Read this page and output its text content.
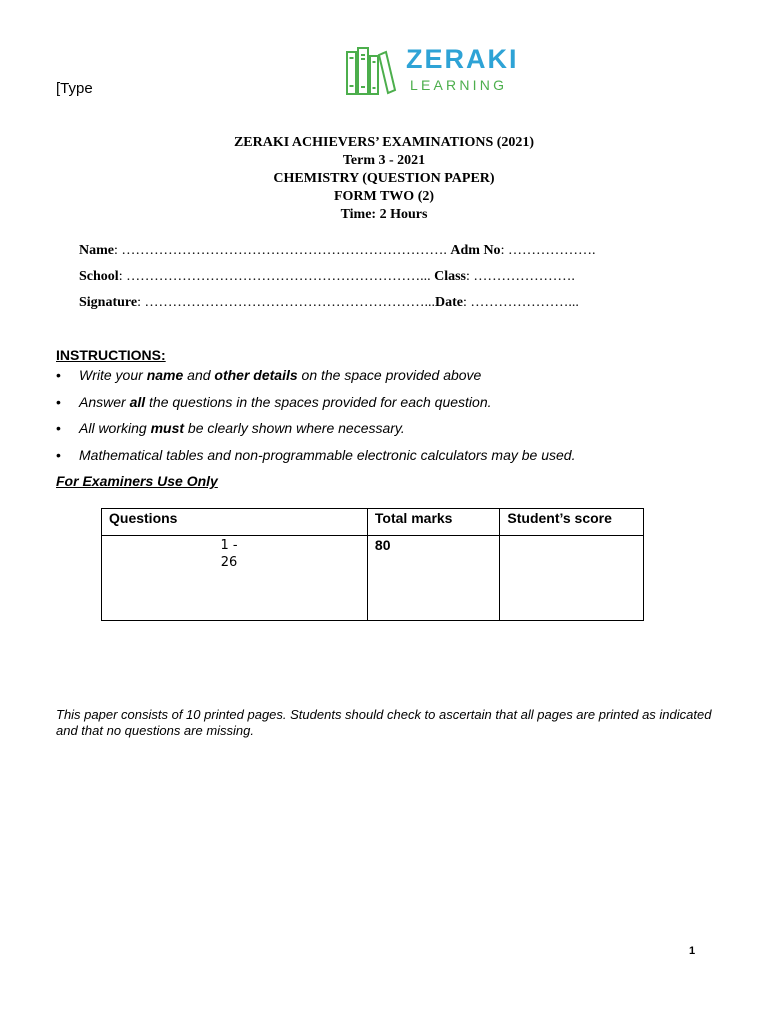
[Type
ZERAKI
LEARNING
ZERAKI ACHIEVERS’ EXAMINATIONS (2021)
Term 3 - 2021
CHEMISTRY (QUESTION PAPER)
FORM TWO (2)
Time: 2 Hours
Name: ……………………………………………………………. Adm No: ……………….
School: ………………………………………………………... Class: ………………….
Signature: ……………………………………………………...Date: …………………...
INSTRUCTIONS:
• Write your name and other details on the space provided above
• Answer all the questions in the spaces provided for each question.
• All working must be clearly shown where necessary.
• Mathematical tables and non-programmable electronic calculators may be used.
For Examiners Use Only
Questions	Total marks	Student’s score

1 -
26	80	
This paper consists of 10 printed pages. Students should check to ascertain that all pages are printed as indicated and that no questions are missing.
1
